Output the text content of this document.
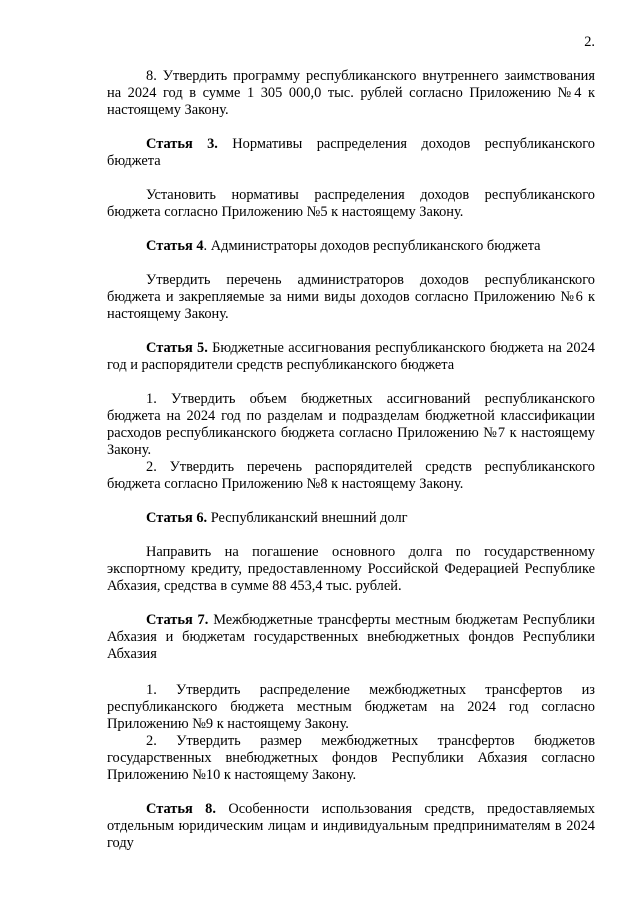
2.

8. Утвердить программу республиканского внутреннего заимствования на 2024 год в сумме 1 305 000,0 тыс. рублей согласно Приложению №4 к настоящему Закону.

Статья 3. Нормативы распределения доходов республиканского бюджета

Установить нормативы распределения доходов республиканского бюджета согласно Приложению №5 к настоящему Закону.

Статья 4. Администраторы доходов республиканского бюджета

Утвердить перечень администраторов доходов республиканского бюджета и закрепляемые за ними виды доходов согласно Приложению №6 к настоящему Закону.

Статья 5. Бюджетные ассигнования республиканского бюджета на 2024 год и распорядители средств республиканского бюджета

1. Утвердить объем бюджетных ассигнований республиканского бюджета на 2024 год по разделам и подразделам бюджетной классификации расходов республиканского бюджета согласно Приложению №7 к настоящему Закону.

2. Утвердить перечень распорядителей средств республиканского бюджета согласно Приложению №8 к настоящему Закону.

Статья 6. Республиканский внешний долг

Направить на погашение основного долга по государственному экспортному кредиту, предоставленному Российской Федерацией Республике Абхазия, средства в сумме 88 453,4 тыс. рублей.

Статья 7. Межбюджетные трансферты местным бюджетам Республики Абхазия и бюджетам государственных внебюджетных фондов Республики Абхазия

1. Утвердить распределение межбюджетных трансфертов из республиканского бюджета местным бюджетам на 2024 год согласно Приложению №9 к настоящему Закону.

2. Утвердить размер межбюджетных трансфертов бюджетов государственных внебюджетных фондов Республики Абхазия согласно Приложению №10 к настоящему Закону.

Статья 8. Особенности использования средств, предоставляемых отдельным юридическим лицам и индивидуальным предпринимателям в 2024 году
